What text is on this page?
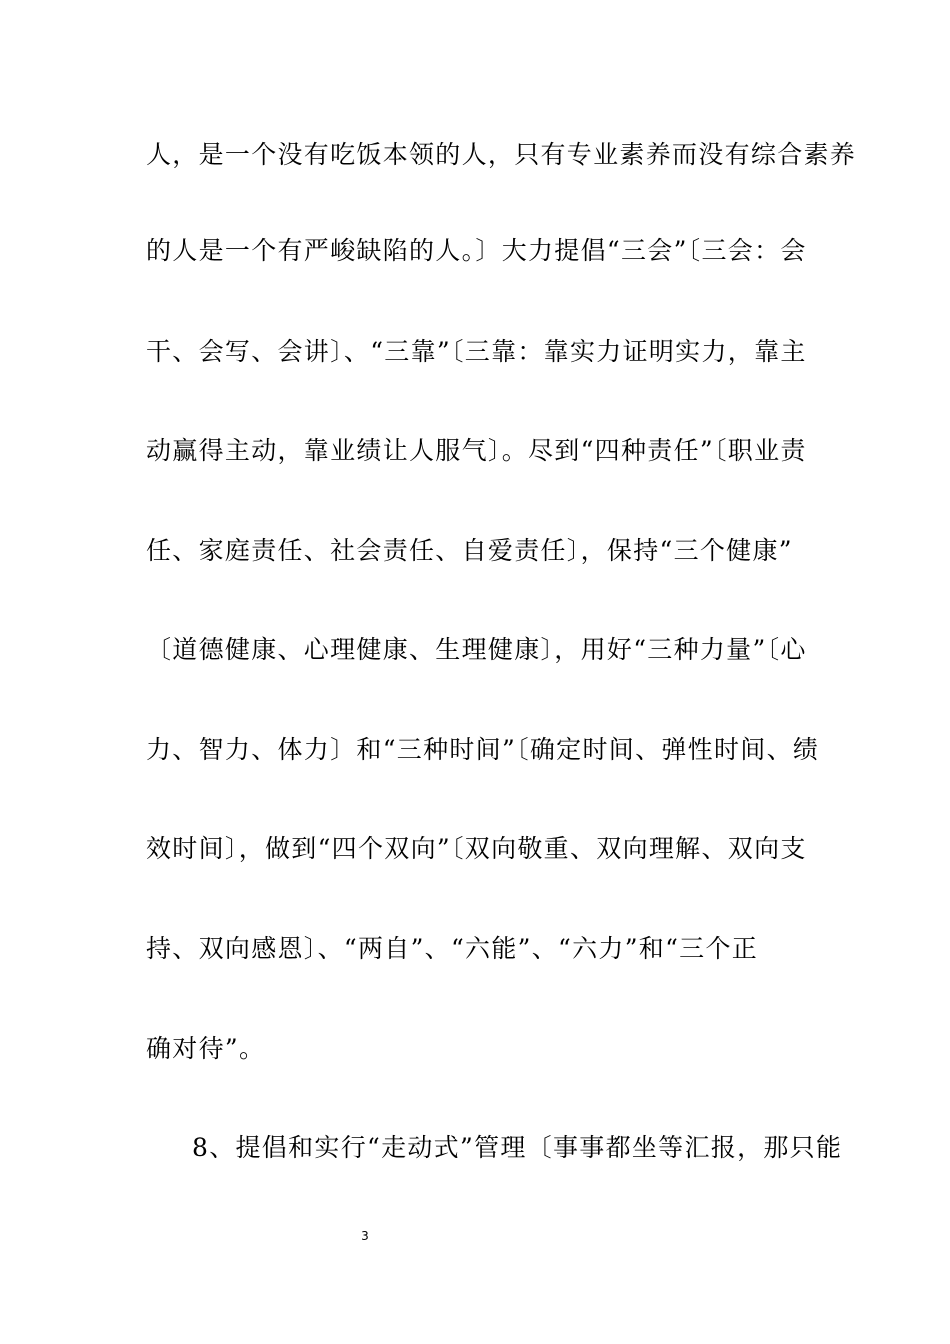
人，是一个没有吃饭本领的人，只有专业素养而没有综合素养
的人是一个有严峻缺陷的人。〕大力提倡“三会”〔三会：会
干、会写、会讲〕、“三靠”〔三靠：靠实力证明实力，靠主
动赢得主动，靠业绩让人服气〕。尽到“四种责任”〔职业责
任、家庭责任、社会责任、自爱责任〕，保持“三个健康”
〔道德健康、心理健康、生理健康〕，用好“三种力量”〔心
力、智力、体力〕和“三种时间”〔确定时间、弹性时间、绩
效时间〕，做到“四个双向”〔双向敬重、双向理解、双向支
持、双向感恩〕、“两自”、“六能”、“六力”和“三个正
确对待”。
8、提倡和实行“走动式”管理〔事事都坐等汇报，那只能
3
